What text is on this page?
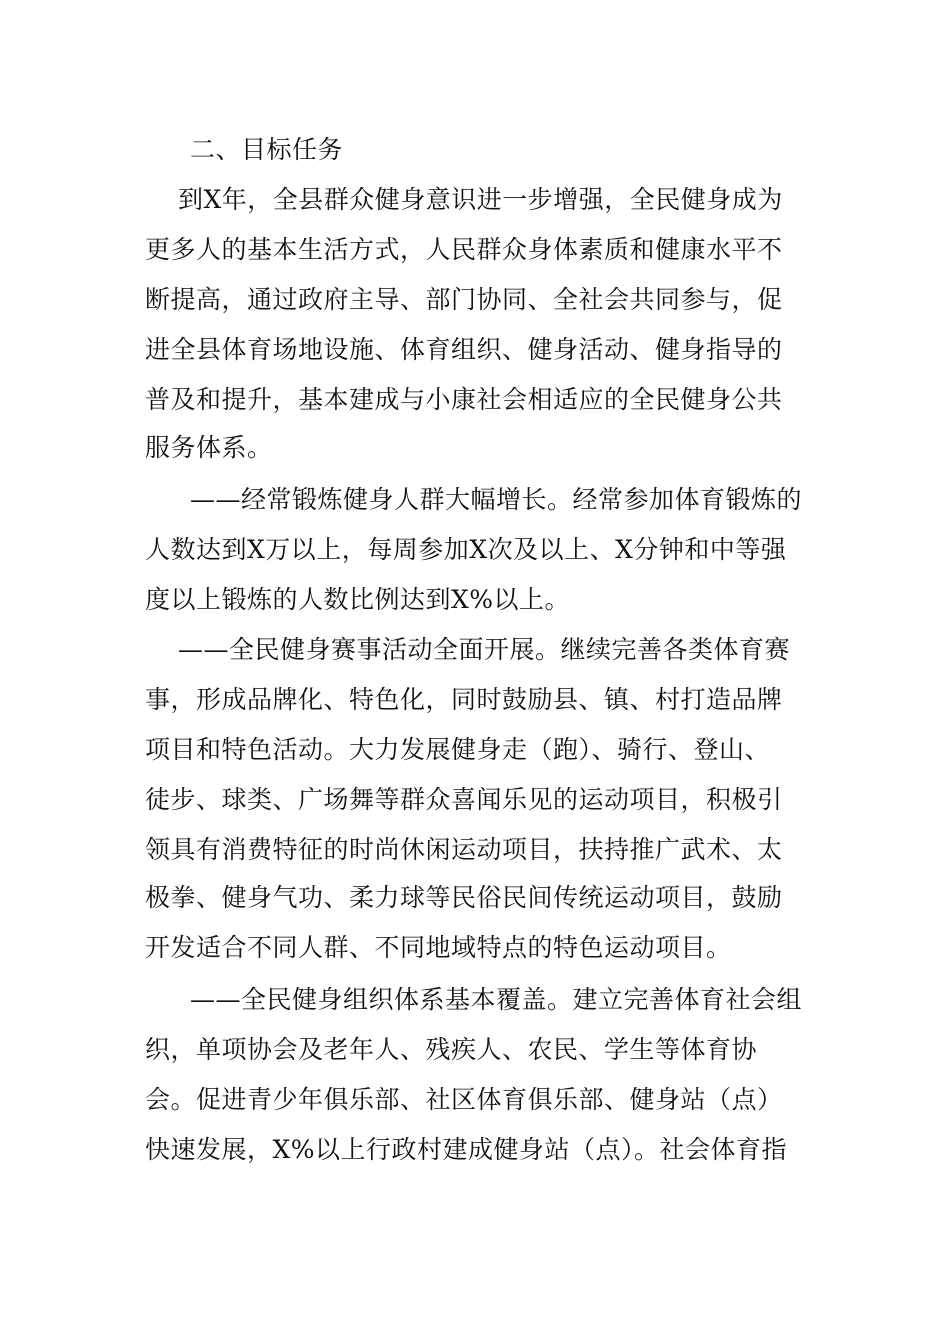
二、目标任务
到X年，全县群众健身意识进一步增强，全民健身成为
更多人的基本生活方式，人民群众身体素质和健康水平不
断提高，通过政府主导、部门协同、全社会共同参与，促
进全县体育场地设施、体育组织、健身活动、健身指导的
普及和提升，基本建成与小康社会相适应的全民健身公共
服务体系。
——经常锻炼健身人群大幅增长。经常参加体育锻炼的
人数达到X万以上，每周参加X次及以上、X分钟和中等强
度以上锻炼的人数比例达到X%以上。
——全民健身赛事活动全面开展。继续完善各类体育赛
事，形成品牌化、特色化，同时鼓励县、镇、村打造品牌
项目和特色活动。大力发展健身走（跑）、骑行、登山、
徒步、球类、广场舞等群众喜闻乐见的运动项目，积极引
领具有消费特征的时尚休闲运动项目，扶持推广武术、太
极拳、健身气功、柔力球等民俗民间传统运动项目，鼓励
开发适合不同人群、不同地域特点的特色运动项目。
——全民健身组织体系基本覆盖。建立完善体育社会组
织，单项协会及老年人、残疾人、农民、学生等体育协
会。促进青少年俱乐部、社区体育俱乐部、健身站（点）
快速发展，X%以上行政村建成健身站（点）。社会体育指
